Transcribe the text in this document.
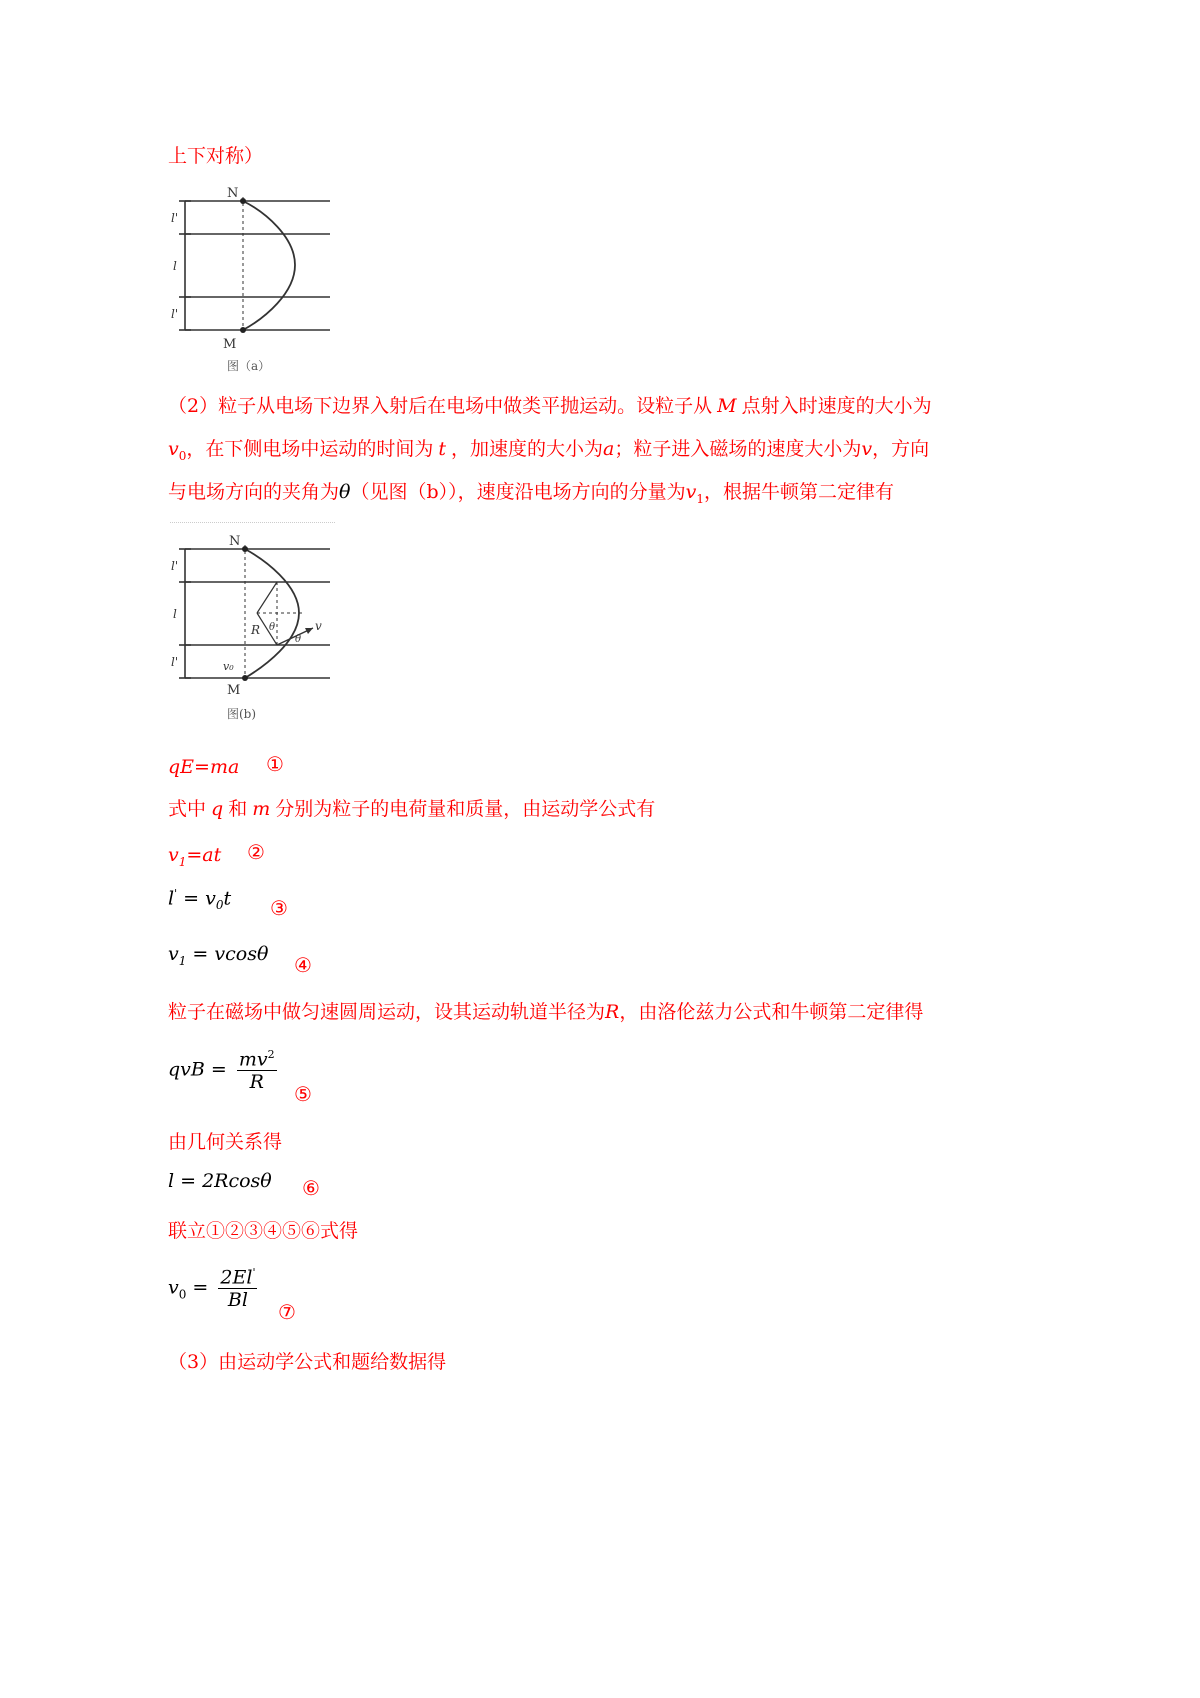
上下对称）
N
M
l'
l
l'
图（a）
（2）粒子从电场下边界入射后在电场中做类平抛运动。设粒子从 M 点射入时速度的大小为
$v_0$，在下侧电场中运动的时间为 t ，加速度的大小为a；粒子进入磁场的速度大小为v，方向
与电场方向的夹角为θ（见图（b）），速度沿电场方向的分量为$v_1$，根据牛顿第二定律有
N
M
l'
l
l'
R θ	v
θ
v₀
图(b)
qE=ma ①
式中 q 和 m 分别为粒子的电荷量和质量，由运动学公式有
$v_1=at$ ②
$l' = v_0t$ ③
$v_1 = vcos\theta$ ④
粒子在磁场中做匀速圆周运动，设其运动轨道半径为R，由洛伦兹力公式和牛顿第二定律得
qvB = $\frac{mv^2}{R}$
⑤
由几何关系得
l = 2Rcosθ ⑥
联立①②③④⑤⑥式得
$v_0 = \frac{2El'}{Bl}$
⑦
（3）由运动学公式和题给数据得
